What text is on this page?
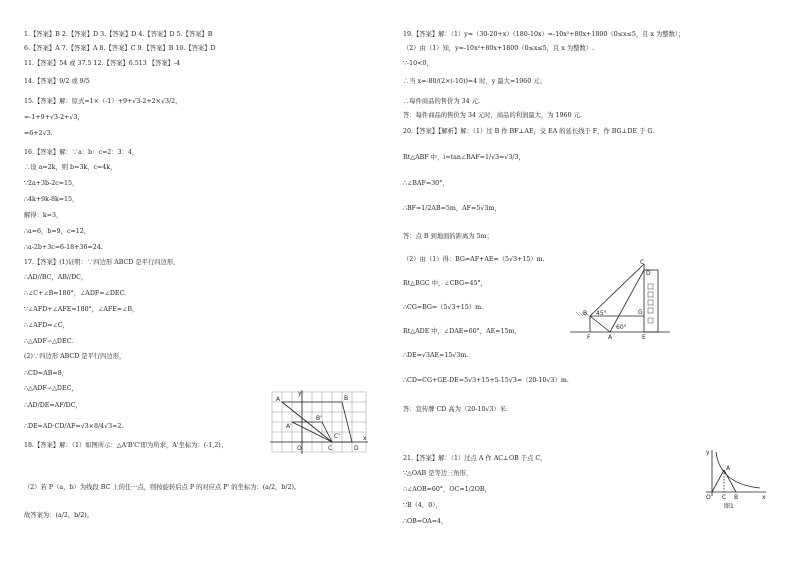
1.【答案】B 2.【答案】D 3.【答案】D 4.【答案】D 5.【答案】B
6.【答案】A 7.【答案】A 8.【答案】C 9.【答案】B 10.【答案】D
11.【答案】54 或 37.5 12.【答案】6.513 【答案】-4
14.【答案】9/2 或 9/5
15.【答案】解：原式=1×（-1）+9+√3-2+2×√3/2，
=-1+9+√3-2+√3，
=6+2√3.
16.【答案】解：∵a：b：c=2：3：4，
∴设 a=2k，则 b=3k，c=4k，
∵2a+3b-2c=15，
∴4k+9k-8k=15，
解得：k=3，
∴a=6，b=9，c=12，
∴a-2b+3c=6-18+36=24.
17.【答案】(1)证明：∵四边形 ABCD 是平行四边形，
∴AD//BC，AB//DC，
∴∠C+∠B=180°，∠ADF=∠DEC.
∵∠AFD+∠AFE=180°，∠AFE=∠B，
∴∠AFD=∠C，
∴△ADF∽△DEC.
(2)∵四边形 ABCD 是平行四边形，
∴CD=AB=8，
∴△ADF∽△DEC，
∴AD/DE=AF/DC，
∴DE=AD·CD/AF=√3×8/4√3=2.
18.【答案】解：（1）如图所示：△A'B'C'即为所求，A'坐标为：(-1,2)；
（2）若 P（a，b）为线段 BC 上的任一点，则按旋转后点 P 的对应点 P' 的坐标为：(a/2，b/2)。
故答案为：(a/2，b/2)。
19.【答案】解：（1）y=（30-20+x）（180-10x）=-10x²+80x+1800（0≤x≤5，且 x 为整数）；
（2）由（1）知，y=-10x²+80x+1800（0≤x≤5，且 x 为整数）.
∵-10<0，
∴当 x=-80/(2×(-10))=4 时，y 最大=1960 元；
∴每件商品的售价为 34 元.
答：每件商品的售价为 34 元时，商品的利润最大，为 1960 元.
20.【答案】【解析】解：（1）过 B 作 BF⊥AE，交 EA 的延长线于 F，作 BG⊥DE 于 G.
Rt△ABF 中，i=tan∠BAF=1/√3=√3/3，
∴∠BAF=30°，
∴BF=1/2AB=5m，AF=5√3m，
答：点 B 到地面的距离为 5m；
（2）由（1）得：BG=AF+AE=（5√3+15）m.
Rt△BGC 中，∠CBG=45°，
∴CG=BG=（5√3+15）m.
Rt△ADE 中，∠DAE=60°，AE=15m，
∴DE=√3AE=15√3m.
∴CD=CG+GE-DE=5√3+15+5-15√3=（20-10√3）m.
答：宣传牌 CD 高为（20-10√3）米.
21.【答案】解：（1）过点 A 作 AC⊥OB 于点 C，
∵△OAB 是等边三角形，
∴∠AOB=60°，OC=1/2OB，
∵B（4，0），
∴OB=OA=4，
y
A	B
C	D
B'
C'
A'
O
x
C
D
B	G
45°
60°
F	A	E
y
A
O C B	x
图1
